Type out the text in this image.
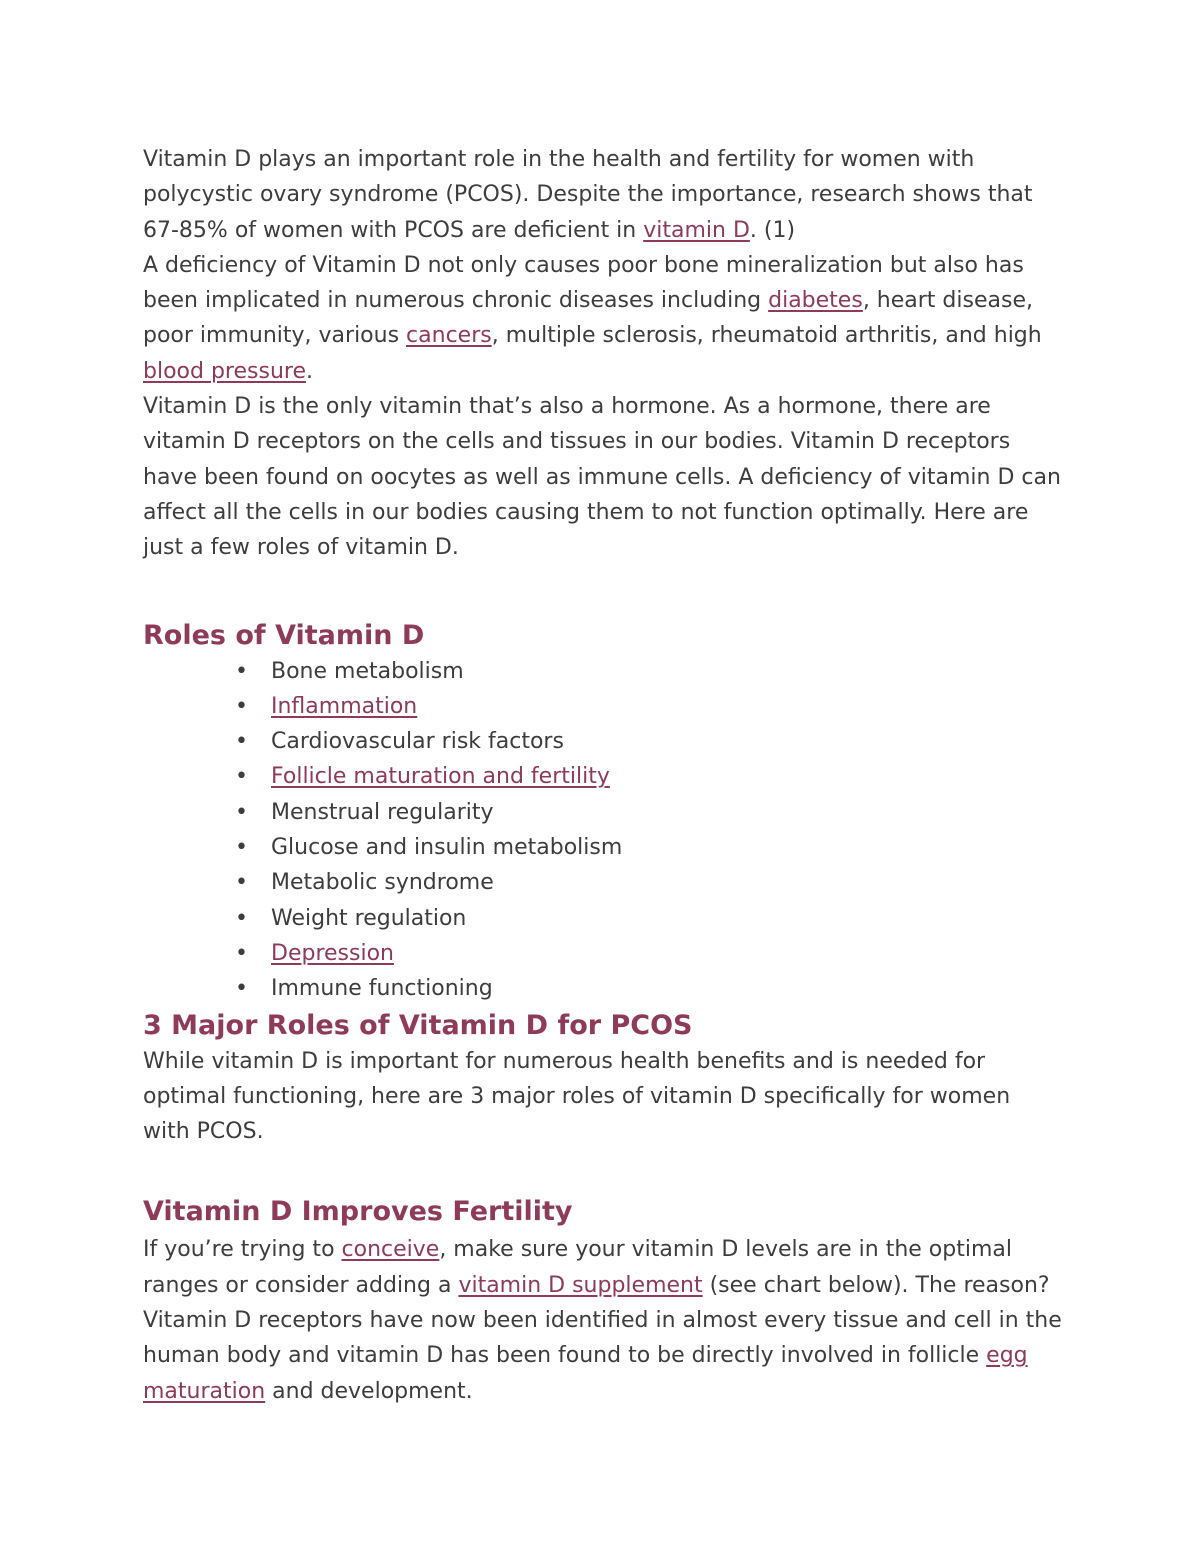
Vitamin D plays an important role in the health and fertility for women with polycystic ovary syndrome (PCOS). Despite the importance, research shows that 67-85% of women with PCOS are deficient in vitamin D. (1)

A deficiency of Vitamin D not only causes poor bone mineralization but also has been implicated in numerous chronic diseases including diabetes, heart disease, poor immunity, various cancers, multiple sclerosis, rheumatoid arthritis, and high blood pressure.

Vitamin D is the only vitamin that’s also a hormone. As a hormone, there are vitamin D receptors on the cells and tissues in our bodies. Vitamin D receptors have been found on oocytes as well as immune cells. A deficiency of vitamin D can affect all the cells in our bodies causing them to not function optimally. Here are just a few roles of vitamin D.

Roles of Vitamin D
• Bone metabolism
• Inflammation
• Cardiovascular risk factors
• Follicle maturation and fertility
• Menstrual regularity
• Glucose and insulin metabolism
• Metabolic syndrome
• Weight regulation
• Depression
• Immune functioning
3 Major Roles of Vitamin D for PCOS

While vitamin D is important for numerous health benefits and is needed for optimal functioning, here are 3 major roles of vitamin D specifically for women with PCOS.

Vitamin D Improves Fertility

If you’re trying to conceive, make sure your vitamin D levels are in the optimal ranges or consider adding a vitamin D supplement (see chart below). The reason? Vitamin D receptors have now been identified in almost every tissue and cell in the human body and vitamin D has been found to be directly involved in follicle egg maturation and development.
